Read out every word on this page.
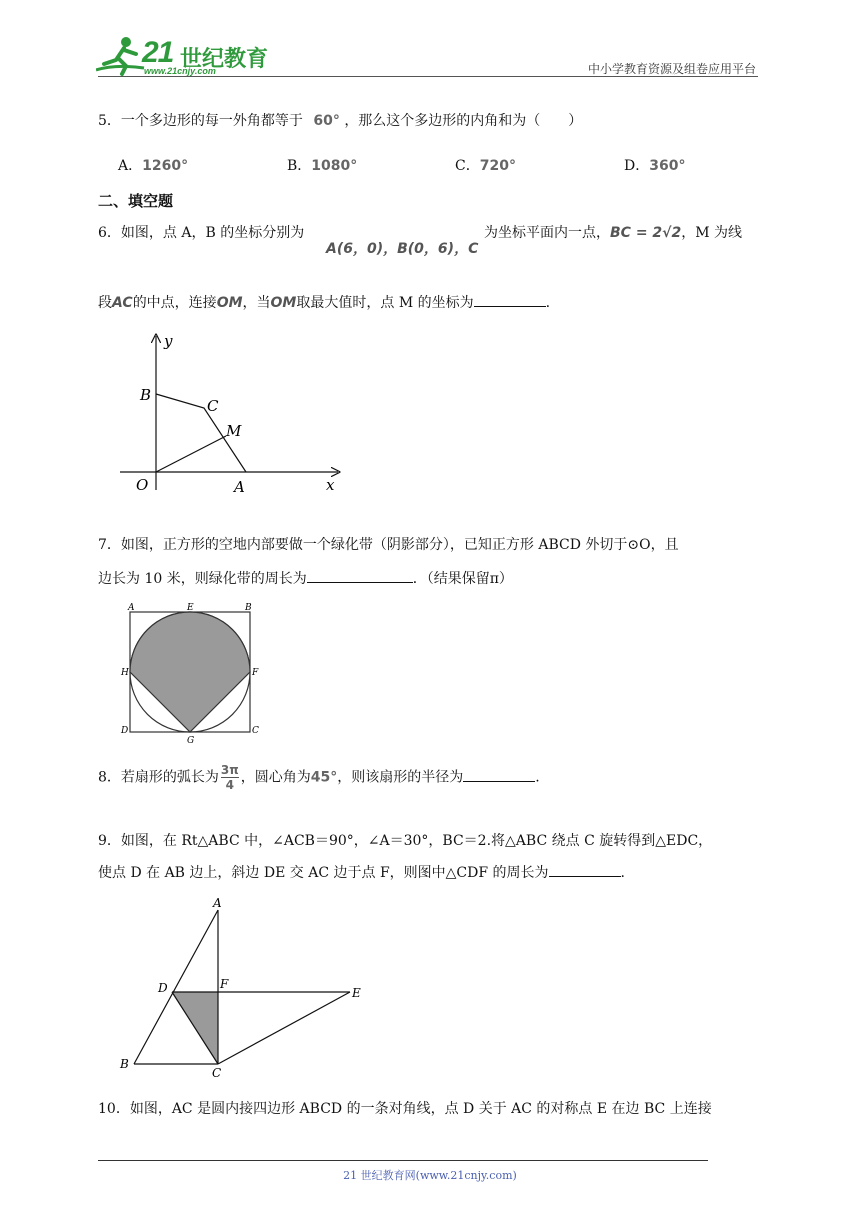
21 世纪教育
www.21cnjy.com	中小学教育资源及组卷应用平台
5．一个多边形的每一外角都等于 60° ，那么这个多边形的内角和为（　　）
A．1260°	B．1080°	C．720°	D．360°
二、填空题
6．如图，点 A，B 的坐标分别为
A(6，0)，B(0，6)，C
为坐标平面内一点，BC = 2√2，M 为线
段AC的中点，连接OM，当OM取最大值时，点 M 的坐标为	.
y
x
B
C
M
O	A
7．如图，正方形的空地内部要做一个绿化带（阴影部分），已知正方形 ABCD 外切于⊙O，且
边长为 10 米，则绿化带的周长为	．（结果保留π）
A	E	B
H	F
D
G
C
8．若扇形的弧长为 $\frac{3\pi}{4}$ ，圆心角为45°，则该扇形的半径为	.
9．如图，在 Rt△ABC 中，∠ACB＝90°，∠A＝30°，BC＝2.将△ABC 绕点 C 旋转得到△EDC，
使点 D 在 AB 边上，斜边 DE 交 AC 边于点 F，则图中△CDF 的周长为	.
A
D	F
E
B
C
10．如图，AC 是圆内接四边形 ABCD 的一条对角线，点 D 关于 AC 的对称点 E 在边 BC 上连接
21 世纪教育网(www.21cnjy.com)
